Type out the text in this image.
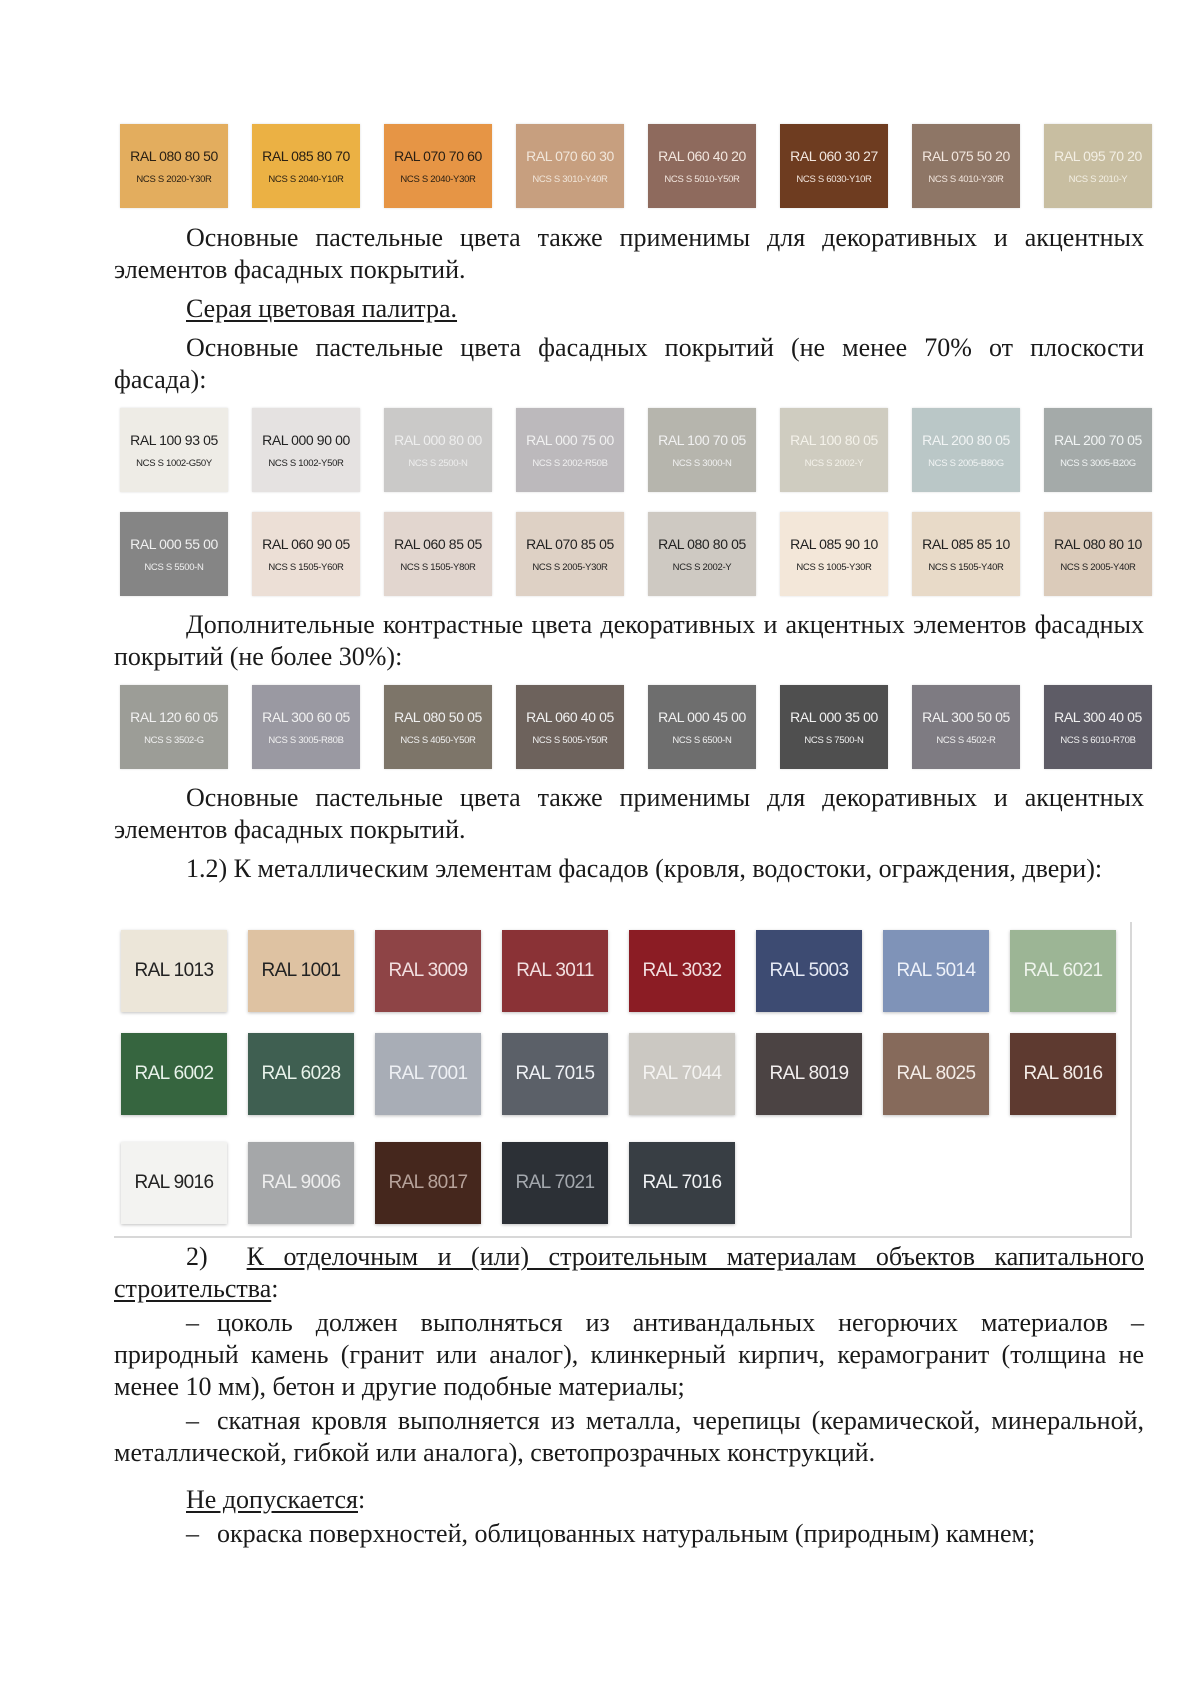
RAL 080 80 50
NCS S 2020-Y30R
RAL 085 80 70
NCS S 2040-Y10R
RAL 070 70 60
NCS S 2040-Y30R
RAL 070 60 30
NCS S 3010-Y40R
RAL 060 40 20
NCS S 5010-Y50R
RAL 060 30 27
NCS S 6030-Y10R
RAL 075 50 20
NCS S 4010-Y30R
RAL 095 70 20
NCS S 2010-Y

Основные пастельные цвета также применимы для декоративных и акцентных элементов фасадных покрытий.

Серая цветовая палитра.

Основные пастельные цвета фасадных покрытий (не менее 70% от плоскости фасада):

RAL 100 93 05
NCS S 1002-G50Y
RAL 000 90 00
NCS S 1002-Y50R
RAL 000 80 00
NCS S 2500-N
RAL 000 75 00
NCS S 2002-R50B
RAL 100 70 05
NCS S 3000-N
RAL 100 80 05
NCS S 2002-Y
RAL 200 80 05
NCS S 2005-B80G
RAL 200 70 05
NCS S 3005-B20G
RAL 000 55 00
NCS S 5500-N
RAL 060 90 05
NCS S 1505-Y60R
RAL 060 85 05
NCS S 1505-Y80R
RAL 070 85 05
NCS S 2005-Y30R
RAL 080 80 05
NCS S 2002-Y
RAL 085 90 10
NCS S 1005-Y30R
RAL 085 85 10
NCS S 1505-Y40R
RAL 080 80 10
NCS S 2005-Y40R

Дополнительные контрастные цвета декоративных и акцентных элементов фасадных покрытий (не более 30%):

RAL 120 60 05
NCS S 3502-G
RAL 300 60 05
NCS S 3005-R80B
RAL 080 50 05
NCS S 4050-Y50R
RAL 060 40 05
NCS S 5005-Y50R
RAL 000 45 00
NCS S 6500-N
RAL 000 35 00
NCS S 7500-N
RAL 300 50 05
NCS S 4502-R
RAL 300 40 05
NCS S 6010-R70B

Основные пастельные цвета также применимы для декоративных и акцентных элементов фасадных покрытий.

1.2) К металлическим элементам фасадов (кровля, водостоки, ограждения, двери):

RAL 1013	RAL 1001	RAL 3009	RAL 3011	RAL 3032	RAL 5003	RAL 5014	RAL 6021
RAL 6002	RAL 6028	RAL 7001	RAL 7015	RAL 7044	RAL 8019	RAL 8025	RAL 8016
RAL 9016	RAL 9006	RAL 8017	RAL 7021	RAL 7016

2) К отделочным и (или) строительным материалам объектов капитального строительства:

– цоколь должен выполняться из антивандальных негорючих материалов – природный камень (гранит или аналог), клинкерный кирпич, керамогранит (толщина не менее 10 мм), бетон и другие подобные материалы;

– скатная кровля выполняется из металла, черепицы (керамической, минеральной, металлической, гибкой или аналога), светопрозрачных конструкций.

Не допускается:

– окраска поверхностей, облицованных натуральным (природным) камнем;
